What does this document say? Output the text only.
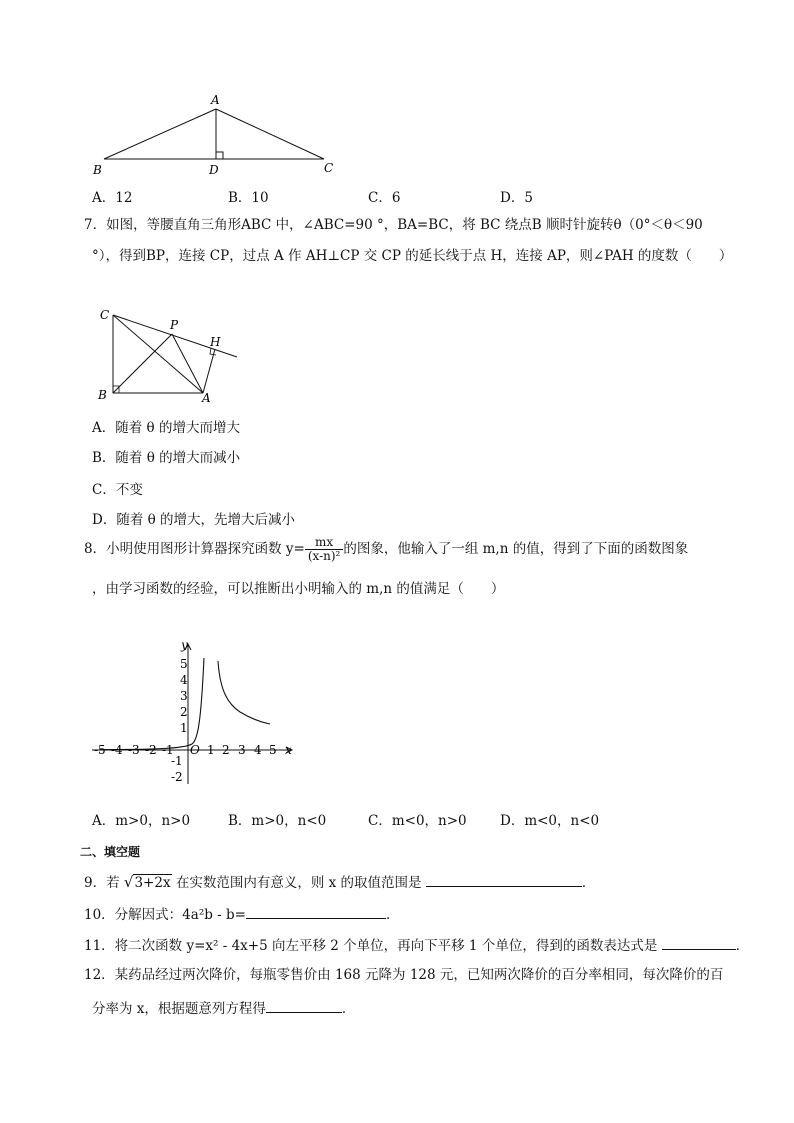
A
B	D	C
A．12	B．10	C．6	D．5
7．如图，等腰直角三角形ABC 中，∠ABC=90 °，BA=BC，将 BC 绕点B 顺时针旋转θ（0°＜θ＜90
°），得到BP，连接 CP，过点 A 作 AH⊥CP 交 CP 的延长线于点 H，连接 AP，则∠PAH 的度数（　　）
C
P
H
B	A
A．随着 θ 的增大而增大
B．随着 θ 的增大而减小
C．不变
D．随着 θ 的增大，先增大后减小
8．小明使用图形计算器探究函数 $y= \frac{mx}{\text{(x-n)²}}$ 的图象，他输入了一组 m,n 的值，得到了下面的函数图象
，由学习函数的经验，可以推断出小明输入的 m,n 的值满足（　　）
y
x
O
5
4
3
2
1
-1
-2
-5 -4 -3 -2 -1	1 2 3 4 5
A．m>0，n>0	B．m>0，n<0	C．m<0，n>0 D．m<0，n<0
二、填空题
9．若 √3+2x 在实数范围内有意义，则 x 的取值范围是	．
10．分解因式：4a²b - b=	．
11．将二次函数 y=x² - 4x+5 向左平移 2 个单位，再向下平移 1 个单位，得到的函数表达式是	．
12．某药品经过两次降价，每瓶零售价由 168 元降为 128 元，已知两次降价的百分率相同，每次降价的百
分率为 x，根据题意列方程得	．
